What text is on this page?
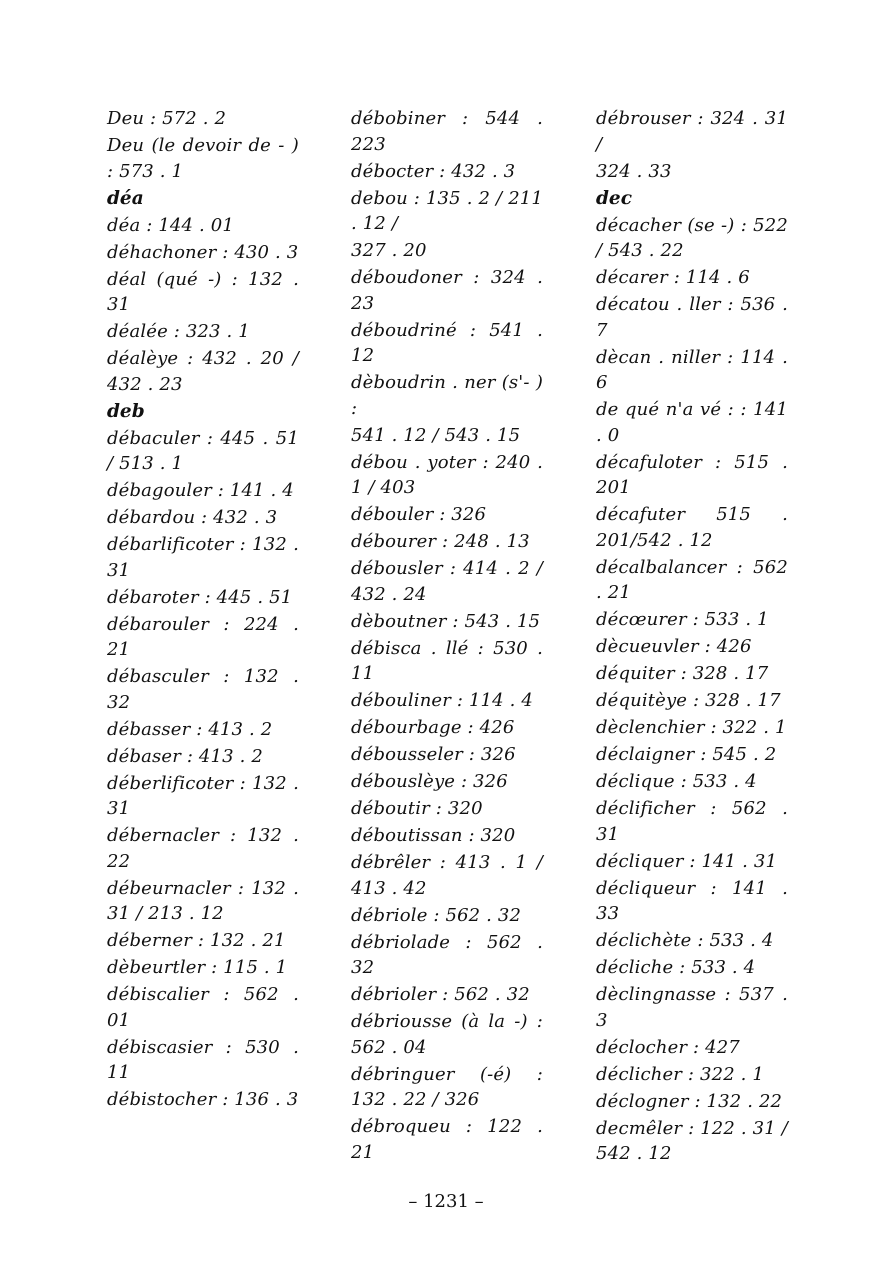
Deu : 572 . 2
Deu (le devoir de - ) : 573 . 1
déa
déa : 144 . 01
déhachoner : 430 . 3
déal (qué -) : 132 . 31
déalée : 323 . 1
déalèye : 432 . 20 / 432 . 23
deb
débaculer : 445 . 51 / 513 . 1
débagouler : 141 . 4
débardou : 432 . 3
débarlificoter : 132 . 31
débaroter : 445 . 51
débarouler : 224 . 21
débasculer : 132 . 32
débasser : 413 . 2
débaser : 413 . 2
déberlificoter : 132 . 31
débernacler : 132 . 22
débeurnacler : 132 . 31 / 213 . 12
déberner : 132 . 21
dèbeurtler : 115 . 1
débiscalier : 562 . 01
débiscasier : 530 . 11
débistocher : 136 . 3
débobiner : 544 . 223
débocter : 432 . 3
debou : 135 . 2 / 211 . 12 /
327 . 20
déboudoner : 324 . 23
déboudriné : 541 . 12
dèboudrin . ner (s'- ) :
541 . 12 / 543 . 15
débou . yoter : 240 . 1 / 403
débouler : 326
débourer : 248 . 13
débousler : 414 . 2 / 432 . 24
dèboutner : 543 . 15
débisca . llé : 530 . 11
débouliner : 114 . 4
débourbage : 426
débousseler : 326
débouslèye : 326
déboutir : 320
déboutissan : 320
débrêler : 413 . 1 / 413 . 42
débriole : 562 . 32
débriolade : 562 . 32
débrioler : 562 . 32
débriousse (à la -) : 562 . 04
débringuer (-é) : 132 . 22 / 326
débroqueu : 122 . 21
débrouser : 324 . 31 /
324 . 33
dec
décacher (se -) : 522 / 543 . 22
décarer : 114 . 6
décatou . ller : 536 . 7
dècan . niller : 114 . 6
de qué n'a vé : : 141 . 0
décafuloter : 515 . 201
décafuter 515 . 201/542 . 12
décalbalancer : 562 . 21
décœurer : 533 . 1
dècueuvler : 426
déquiter : 328 . 17
déquitèye : 328 . 17
dèclenchier : 322 . 1
déclaigner : 545 . 2
déclique : 533 . 4
déclificher : 562 . 31
décliquer : 141 . 31
décliqueur : 141 . 33
déclichète : 533 . 4
décliche : 533 . 4
dèclingnasse : 537 . 3
déclocher : 427
déclicher : 322 . 1
déclogner : 132 . 22
decmêler : 122 . 31 / 542 . 12
– 1231 –
